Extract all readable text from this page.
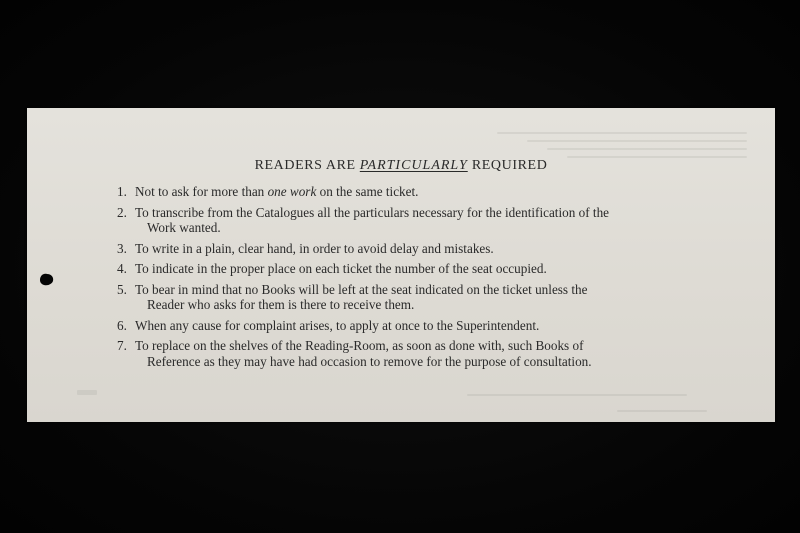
READERS ARE PARTICULARLY REQUIRED
1. Not to ask for more than one work on the same ticket.
2. To transcribe from the Catalogues all the particulars necessary for the identification of the
Work wanted.
3. To write in a plain, clear hand, in order to avoid delay and mistakes.
4. To indicate in the proper place on each ticket the number of the seat occupied.
5. To bear in mind that no Books will be left at the seat indicated on the ticket unless the
Reader who asks for them is there to receive them.
6. When any cause for complaint arises, to apply at once to the Superintendent.
7. To replace on the shelves of the Reading-Room, as soon as done with, such Books of
Reference as they may have had occasion to remove for the purpose of consultation.
